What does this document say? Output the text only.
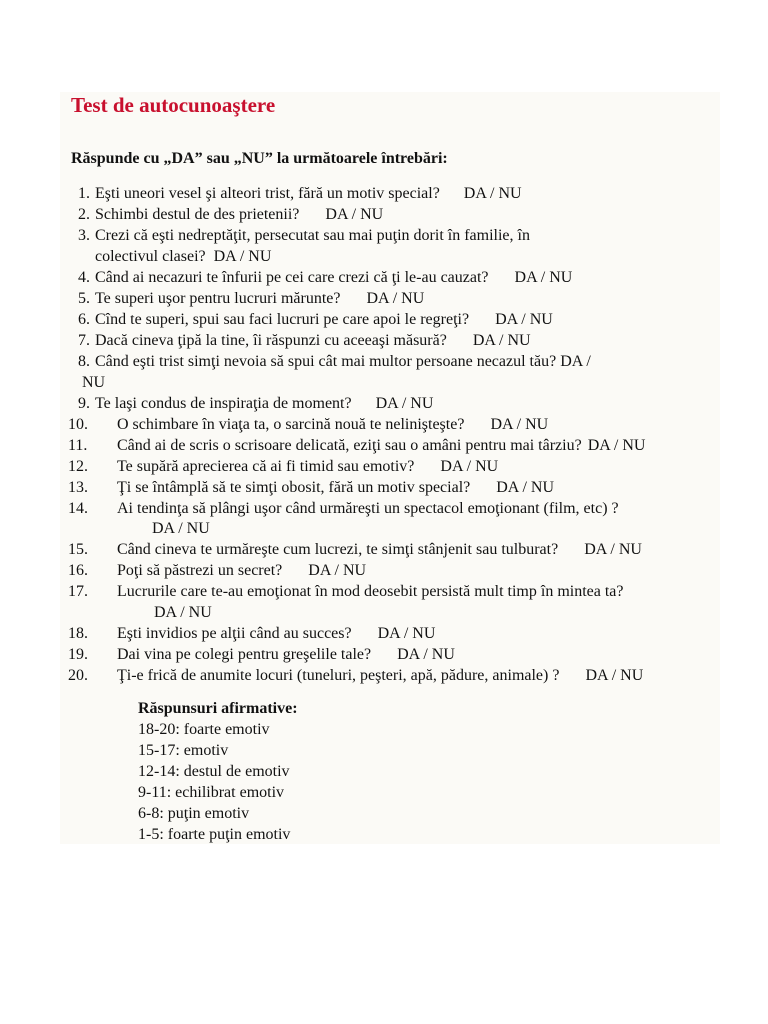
Test de autocunoaştere
Răspunde cu „DA” sau „NU” la următoarele întrebări:
1. Eşti uneori vesel şi alteori trist, fără un motiv special? DA / NU
2. Schimbi destul de des prietenii? DA / NU
3. Crezi că eşti nedreptăţit, persecutat sau mai puţin dorit în familie, în
colectivul clasei? DA / NU
4. Când ai necazuri te înfurii pe cei care crezi că ţi le-au cauzat? DA / NU
5. Te superi uşor pentru lucruri mărunte? DA / NU
6. Cînd te superi, spui sau faci lucruri pe care apoi le regreţi? DA / NU
7. Dacă cineva ţipă la tine, îi răspunzi cu aceeaşi măsură? DA / NU
8. Când eşti trist simţi nevoia să spui cât mai multor persoane necazul tău? DA /
NU
9. Te laşi condus de inspiraţia de moment? DA / NU
10.	O schimbare în viaţa ta, o sarcină nouă te nelinişteşte? DA / NU
11.	Când ai de scris o scrisoare delicată, eziţi sau o amâni pentru mai târziu? DA / NU
12.	Te supără aprecierea că ai fi timid sau emotiv? DA / NU
13.	Ţi se întâmplă să te simţi obosit, fără un motiv special? DA / NU
14.	Ai tendinţa să plângi uşor când urmăreşti un spectacol emoţionant (film, etc) ?
DA / NU
15.	Când cineva te urmăreşte cum lucrezi, te simţi stânjenit sau tulburat? DA / NU
16.	Poţi să păstrezi un secret? DA / NU
17.	Lucrurile care te-au emoţionat în mod deosebit persistă mult timp în mintea ta?
DA / NU
18.	Eşti invidios pe alţii când au succes? DA / NU
19.	Dai vina pe colegi pentru greşelile tale? DA / NU
20.	Ţi-e frică de anumite locuri (tuneluri, peşteri, apă, pădure, animale) ? DA / NU
Răspunsuri afirmative:
18-20: foarte emotiv
15-17: emotiv
12-14: destul de emotiv
9-11: echilibrat emotiv
6-8: puţin emotiv
1-5: foarte puţin emotiv
